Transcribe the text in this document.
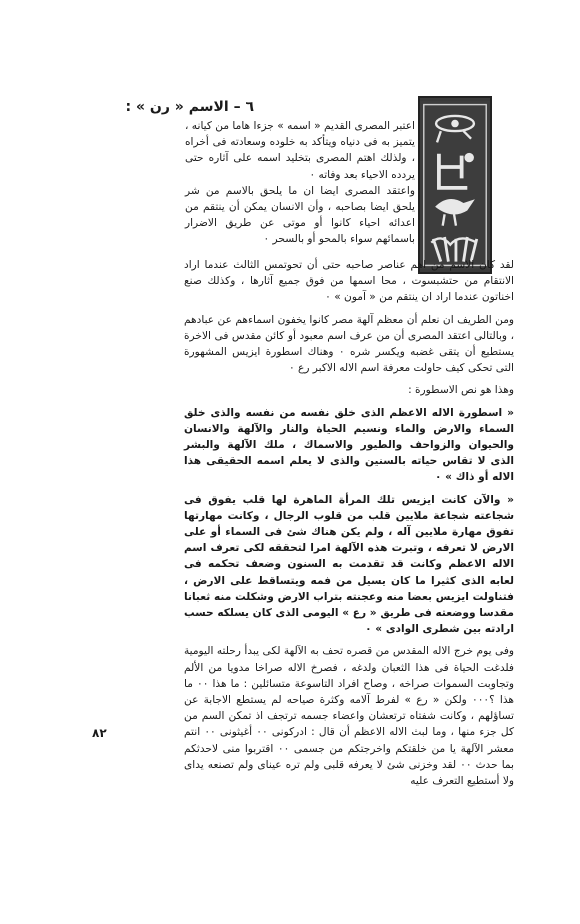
٦ – الاسم « رن » :

اعتبر المصرى القديم « اسمه » جزءا هاما من كيانه ، يتميز به فى دنياه ويتأكد به خلوده وسعادته فى أخراه ، ولذلك اهتم المصرى بتخليد اسمه على آثاره حتى يردده الاحياء بعد وفاته ٠

واعتقد المصرى ايضا ان ما يلحق بالاسم من شر يلحق ايضا بصاحبه ، وأن الانسان يمكن أن ينتقم من اعدائه احياء كانوا أو موتى عن طريق الاضرار باسمائهم سواء بالمحو أو بالسحر ٠

لقد كان الاسم من اهم عناصر صاحبه حتى أن تحوتمس الثالث عندما اراد الانتقام من حتشبسوت ، محا اسمها من فوق جميع آثارها ، وكذلك صنع اخناتون عندما اراد ان ينتقم من « آمون » ٠

ومن الطريف ان نعلم أن معظم آلهة مصر كانوا يخفون اسماءهم عن عبادهم ، وبالتالى اعتقد المصرى أن من عرف اسم معبود أو كائن مقدس فى الاخرة يستطيع أن يتقى غضبه ويكسر شره ٠ وهناك اسطورة ايزيس المشهورة التى تحكى كيف حاولت معرفة اسم الاله الاكبر رع ٠

وهذا هو نص الاسطورة :

« اسطورة الاله الاعظم الذى خلق نفسه من نفسه والذى خلق السماء والارض والماء ونسيم الحياة والنار والآلهة والانسان والحيوان والزواحف والطيور والاسماك ، ملك الآلهة والبشر الذى لا تقاس حياته بالسنين والذى لا يعلم اسمه الحقيقى هذا الاله أو ذاك » ٠

« والآن كانت ايزيس تلك المرأة الماهرة لها قلب يفوق فى شجاعته شجاعة ملايين قلب من قلوب الرجال ، وكانت مهارتها تفوق مهارة ملايين آله ، ولم يكن هناك شئ فى السماء أو على الارض لا تعرفه ، وتبرت هذه الآلهة امرا لتحققه لكى تعرف اسم الاله الاعظم وكانت قد تقدمت به السنون وضعف تحكمه فى لعابه الذى كثيرا ما كان يسيل من فمه ويتساقط على الارض ، فتناولت ايزيس بعضا منه وعجنته بتراب الارض وشكلت منه ثعبانا مقدسا ووضعته فى طريق « رع » اليومى الذى كان يسلكه حسب ارادته بين شطرى الوادى » ٠

وفى يوم خرج الاله المقدس من قصره تحف به الآلهة لكى يبدأ رحلته اليومية فلدغت الحياة فى هذا الثعبان ولدغه ، فصرخ الاله صراخا مدويا من الألم وتجاوبت السموات صراخه ، وصاح افراد التاسوعة متسائلين : ما هذا ٠٠ ما هذا ؟٠٠٠ ولكن « رع » لفرط آلامه وكثرة صياحه لم يستطع الاجابة عن تساؤلهم ، وكانت شفتاه ترتعشان واعضاء جسمه ترتجف اذ تمكن السم من كل جزء منها ، وما لبث الاله الاعظم أن قال : ادركونى ٠٠ أغيثونى ٠٠ انتم معشر الآلهة يا من خلقتكم واخرجتكم من جسمى ٠٠ اقتربوا منى لاحدثكم بما حدث ٠٠ لقد وخزنى شئ لا يعرفه قلبى ولم تره عيناى ولم تصنعه يداى ولا أستطيع التعرف عليه

٨٢
